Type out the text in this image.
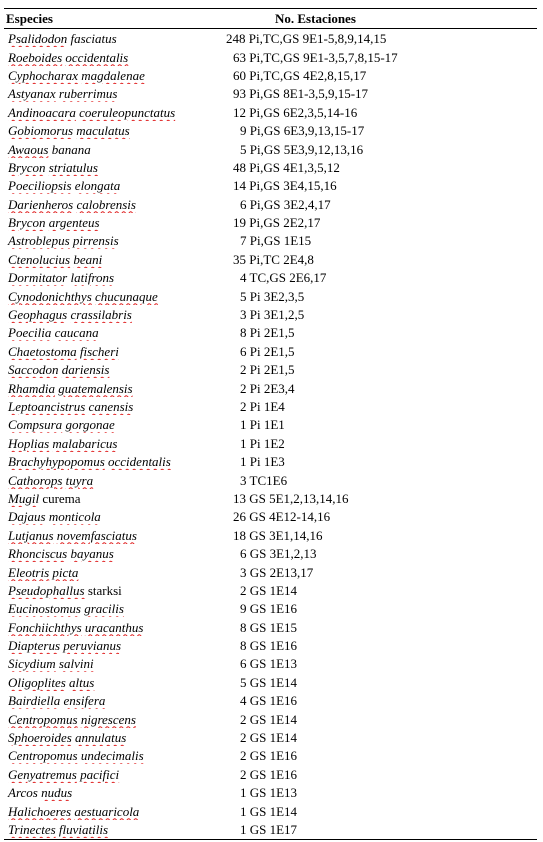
Especies	No. Estaciones
Psalidodon fasciatus	248 Pi,TC,GS 9E1-5,8,9,14,15
Roeboides occidentalis	63 Pi,TC,GS 9E1-3,5,7,8,15-17
Cyphocharax magdalenae	60 Pi,TC,GS 4E2,8,15,17
Astyanax ruberrimus	93 Pi,GS 8E1-3,5,9,15-17
Andinoacara coeruleopunctatus	12 Pi,GS 6E2,3,5,14-16
Gobiomorus maculatus	9 Pi,GS 6E3,9,13,15-17
Awaous banana	5 Pi,GS 5E3,9,12,13,16
Brycon striatulus	48 Pi,GS 4E1,3,5,12
Poeciliopsis elongata	14 Pi,GS 3E4,15,16
Darienheros calobrensis	6 Pi,GS 3E2,4,17
Brycon argenteus	19 Pi,GS 2E2,17
Astroblepus pirrensis	7 Pi,GS 1E15
Ctenolucius beani	35 Pi,TC 2E4,8
Dormitator latifrons	4 TC,GS 2E6,17
Cynodonichthys chucunaque	5 Pi 3E2,3,5
Geophagus crassilabris	3 Pi 3E1,2,5
Poecilia caucana	8 Pi 2E1,5
Chaetostoma fischeri	6 Pi 2E1,5
Saccodon dariensis	2 Pi 2E1,5
Rhamdia guatemalensis	2 Pi 2E3,4
Leptoancistrus canensis	2 Pi 1E4
Compsura gorgonae	1 Pi 1E1
Hoplias malabaricus	1 Pi 1E2
Brachyhypopomus occidentalis	1 Pi 1E3
Cathorops tuyra	3 TC1E6
Mugil curema	13 GS 5E1,2,13,14,16
Dajaus monticola	26 GS 4E12-14,16
Lutjanus novemfasciatus	18 GS 3E1,14,16
Rhonciscus bayanus	6 GS 3E1,2,13
Eleotris picta	3 GS 2E13,17
Pseudophallus starksi	2 GS 1E14
Eucinostomus gracilis	9 GS 1E16
Fonchiichthys uracanthus	8 GS 1E15
Diapterus peruvianus	8 GS 1E16
Sicydium salvini	6 GS 1E13
Oligoplites altus	5 GS 1E14
Bairdiella ensifera	4 GS 1E16
Centropomus nigrescens	2 GS 1E14
Sphoeroides annulatus	2 GS 1E14
Centropomus undecimalis	2 GS 1E16
Genyatremus pacifici	2 GS 1E16
Arcos nudus	1 GS 1E13
Halichoeres aestuaricola	1 GS 1E14
Trinectes fluviatilis	1 GS 1E17
